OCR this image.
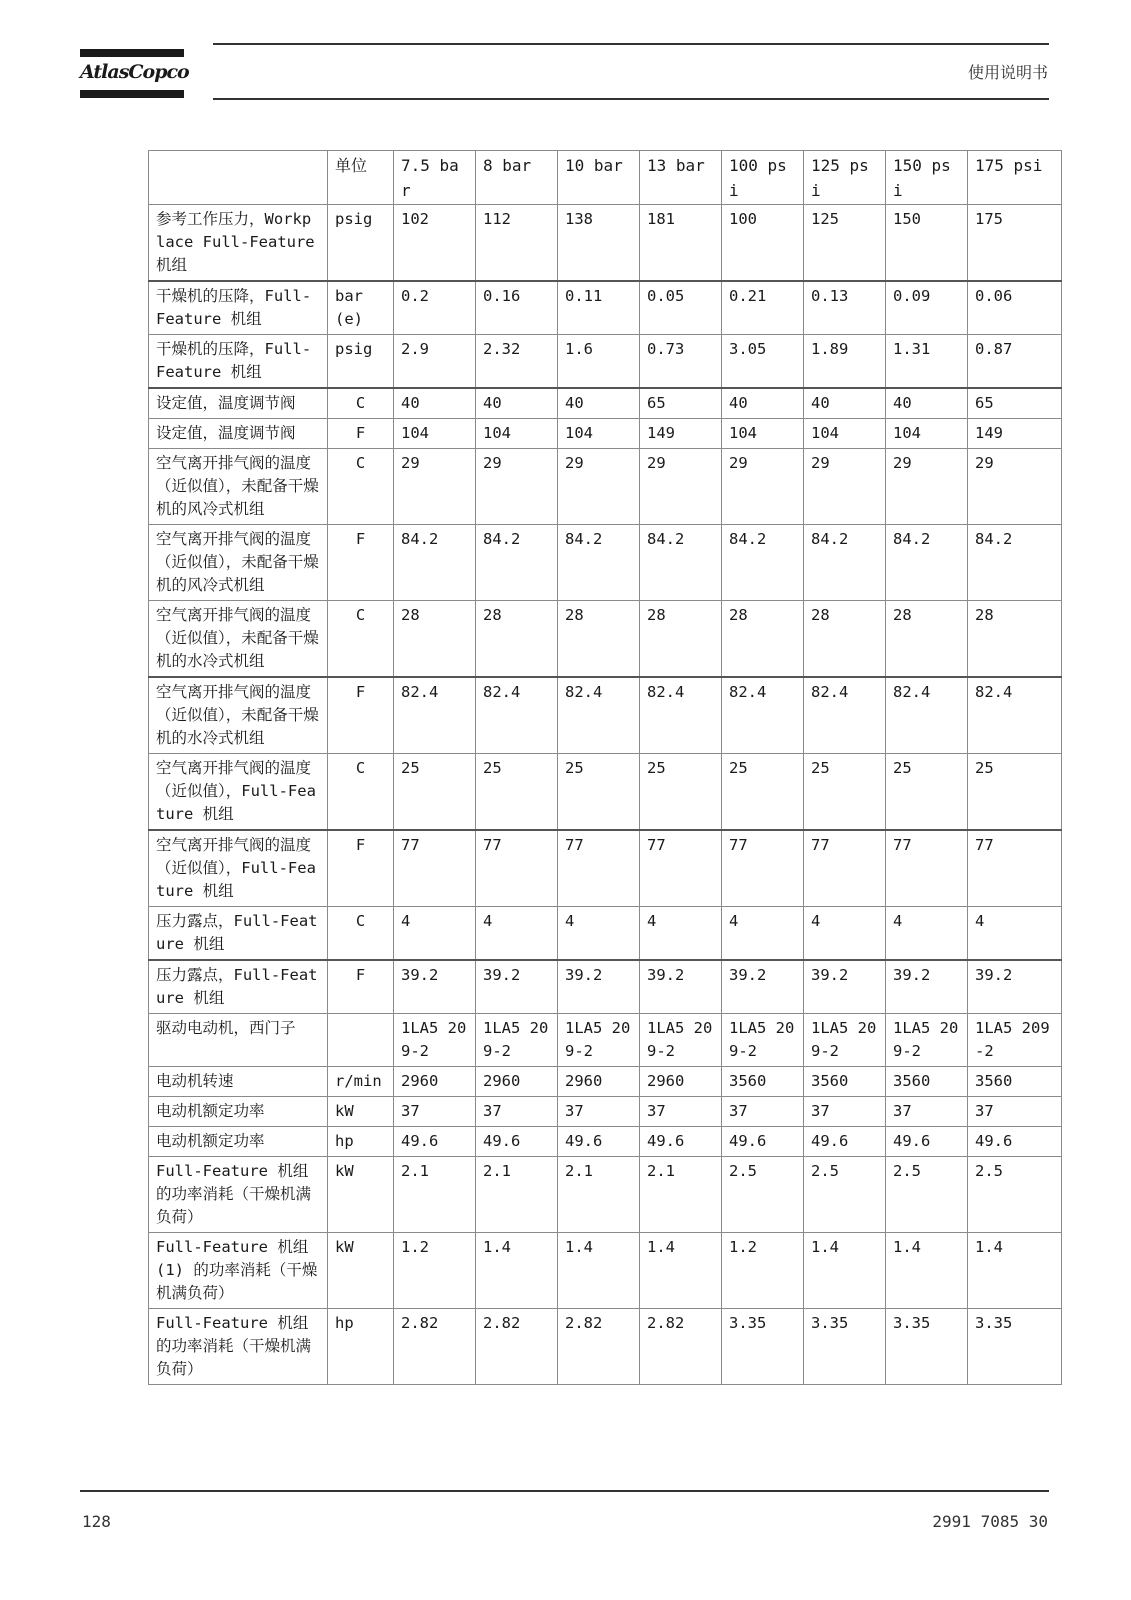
AtlasCopco	使用说明书
	单位	7.5 bar	8 bar	10 bar	13 bar	100 psi	125 psi	150 psi	175 psi
参考工作压力，Workplace Full-Feature 机组	psig	102	112	138	181	100	125	150	175
干燥机的压降，Full-Feature 机组	bar(e)	0.2	0.16	0.11	0.05	0.21	0.13	0.09	0.06
干燥机的压降，Full-Feature 机组	psig	2.9	2.32	1.6	0.73	3.05	1.89	1.31	0.87
设定值，温度调节阀	C	40	40	40	65	40	40	40	65
设定值，温度调节阀	F	104	104	104	149	104	104	104	149
空气离开排气阀的温度（近似值），未配备干燥机的风冷式机组	C	29	29	29	29	29	29	29	29
空气离开排气阀的温度（近似值），未配备干燥机的风冷式机组	F	84.2	84.2	84.2	84.2	84.2	84.2	84.2	84.2
空气离开排气阀的温度（近似值），未配备干燥机的水冷式机组	C	28	28	28	28	28	28	28	28
空气离开排气阀的温度（近似值），未配备干燥机的水冷式机组	F	82.4	82.4	82.4	82.4	82.4	82.4	82.4	82.4
空气离开排气阀的温度（近似值），Full-Feature 机组	C	25	25	25	25	25	25	25	25
空气离开排气阀的温度（近似值），Full-Feature 机组	F	77	77	77	77	77	77	77	77
压力露点，Full-Feature 机组	C	4	4	4	4	4	4	4	4
压力露点，Full-Feature 机组	F	39.2	39.2	39.2	39.2	39.2	39.2	39.2	39.2
驱动电动机，西门子		1LA5 209-2	1LA5 209-2	1LA5 209-2	1LA5 209-2	1LA5 209-2	1LA5 209-2	1LA5 209-2	1LA5 209-2
电动机转速	r/min	2960	2960	2960	2960	3560	3560	3560	3560
电动机额定功率	kW	37	37	37	37	37	37	37	37
电动机额定功率	hp	49.6	49.6	49.6	49.6	49.6	49.6	49.6	49.6
Full-Feature 机组的功率消耗（干燥机满负荷）	kW	2.1	2.1	2.1	2.1	2.5	2.5	2.5	2.5
Full-Feature 机组(1) 的功率消耗（干燥机满负荷）	kW	1.2	1.4	1.4	1.4	1.2	1.4	1.4	1.4
Full-Feature 机组的功率消耗（干燥机满负荷）	hp	2.82	2.82	2.82	2.82	3.35	3.35	3.35	3.35
128	2991 7085 30
